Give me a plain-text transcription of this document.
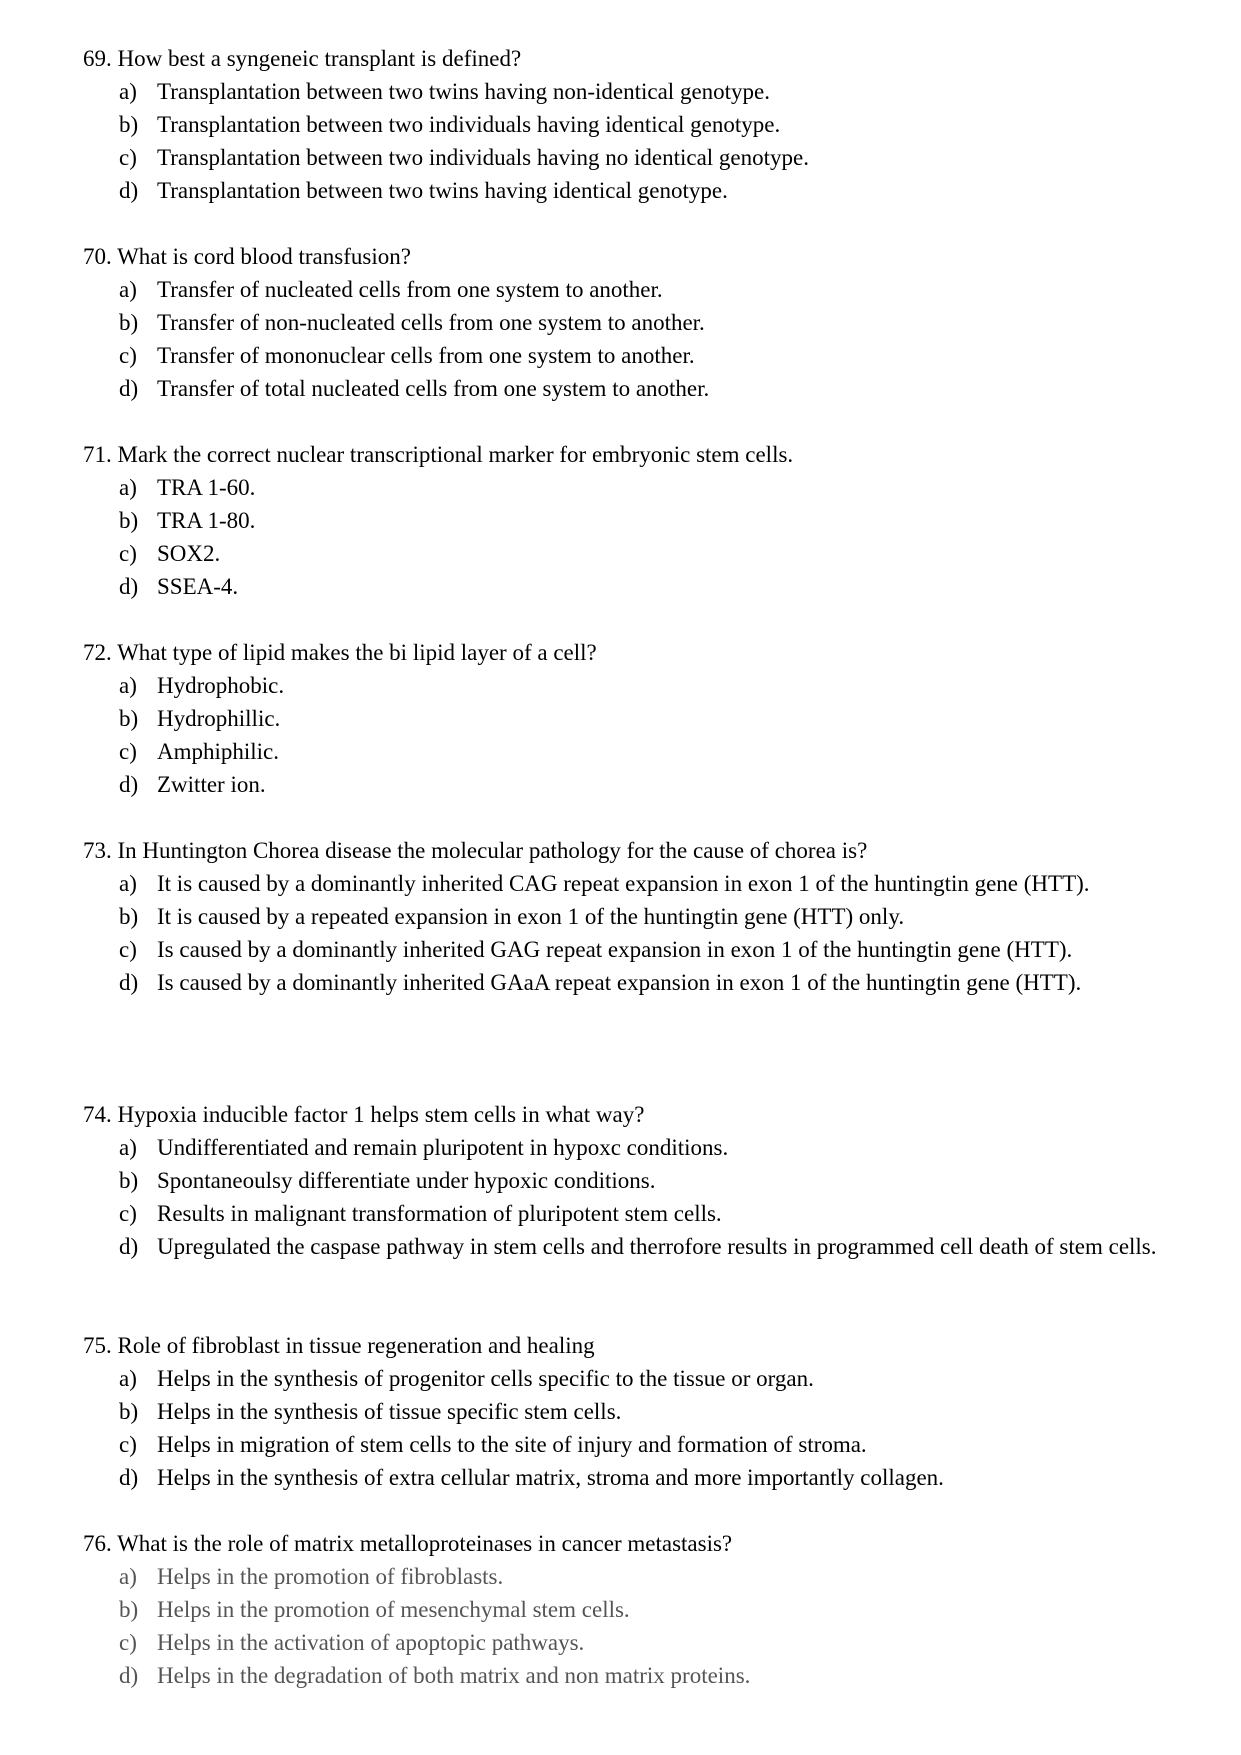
69. How best a syngeneic transplant is defined?
a) Transplantation between two twins having non-identical genotype.
b) Transplantation between two individuals having identical genotype.
c) Transplantation between two individuals having no identical genotype.
d) Transplantation between two twins having identical genotype.
70. What is cord blood transfusion?
a) Transfer of nucleated cells from one system to another.
b) Transfer of non-nucleated cells from one system to another.
c) Transfer of mononuclear cells from one system to another.
d) Transfer of total nucleated cells from one system to another.
71. Mark the correct nuclear transcriptional marker for embryonic stem cells.
a) TRA 1-60.
b) TRA 1-80.
c) SOX2.
d) SSEA-4.
72. What type of lipid makes the bi lipid layer of a cell?
a) Hydrophobic.
b) Hydrophillic.
c) Amphiphilic.
d) Zwitter ion.
73. In Huntington Chorea disease the molecular pathology for the cause of chorea is?
a) It is caused by a dominantly inherited CAG repeat expansion in exon 1 of the huntingtin gene (HTT).
b) It is caused by a repeated expansion in exon 1 of the huntingtin gene (HTT) only.
c) Is caused by a dominantly inherited GAG repeat expansion in exon 1 of the huntingtin gene (HTT).
d) Is caused by a dominantly inherited GAaA repeat expansion in exon 1 of the huntingtin gene (HTT).
74. Hypoxia inducible factor 1 helps stem cells in what way?
a) Undifferentiated and remain pluripotent in hypoxc conditions.
b) Spontaneoulsy differentiate under hypoxic conditions.
c) Results in malignant transformation of pluripotent stem cells.
d) Upregulated the caspase pathway in stem cells and therrofore results in programmed cell death of stem cells.
75. Role of fibroblast in tissue regeneration and healing
a) Helps in the synthesis of progenitor cells specific to the tissue or organ.
b) Helps in the synthesis of tissue specific stem cells.
c) Helps in migration of stem cells to the site of injury and formation of stroma.
d) Helps in the synthesis of extra cellular matrix, stroma and more importantly collagen.
76. What is the role of matrix metalloproteinases in cancer metastasis?
a) Helps in the promotion of fibroblasts.
b) Helps in the promotion of mesenchymal stem cells.
c) Helps in the activation of apoptopic pathways.
d) Helps in the degradation of both matrix and non matrix proteins.
